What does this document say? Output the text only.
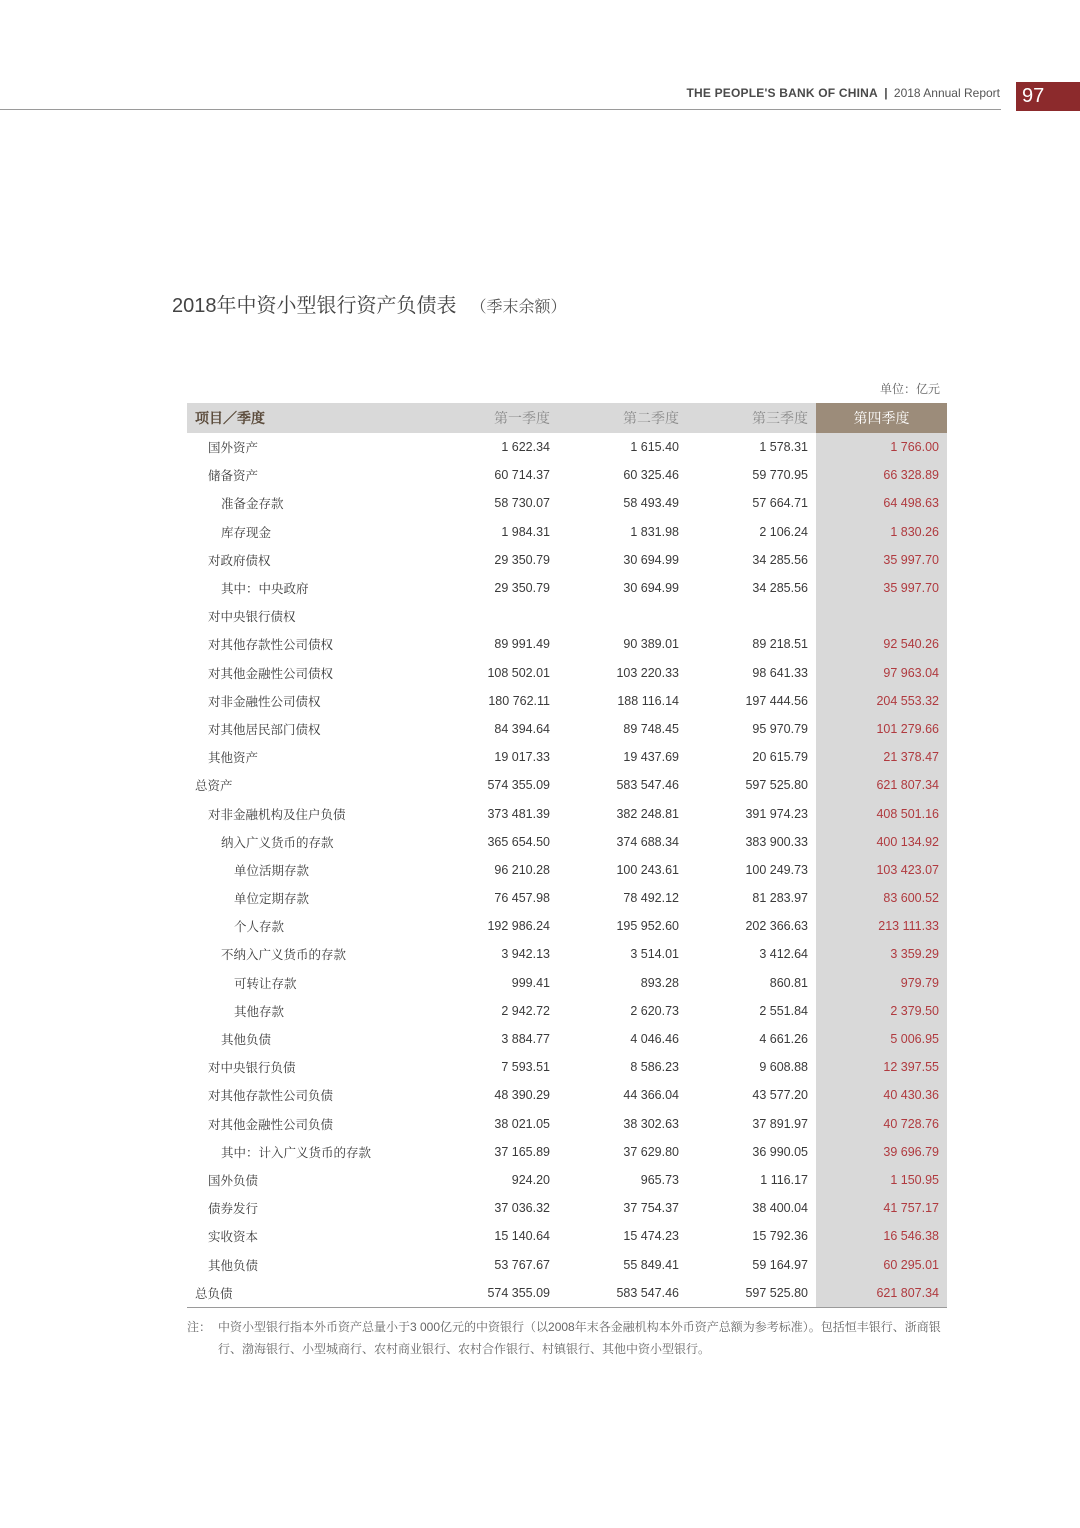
THE PEOPLE'S BANK OF CHINA | 2018 Annual Report	97
2018年中资小型银行资产负债表 （季末余额）
单位：亿元
项目／季度	第一季度	第二季度	第三季度	第四季度
国外资产	1 622.34	1 615.40	1 578.31	1 766.00
储备资产	60 714.37	60 325.46	59 770.95	66 328.89
准备金存款	58 730.07	58 493.49	57 664.71	64 498.63
库存现金	1 984.31	1 831.98	2 106.24	1 830.26
对政府债权	29 350.79	30 694.99	34 285.56	35 997.70
其中：中央政府	29 350.79	30 694.99	34 285.56	35 997.70
对中央银行债权				
对其他存款性公司债权	89 991.49	90 389.01	89 218.51	92 540.26
对其他金融性公司债权	108 502.01	103 220.33	98 641.33	97 963.04
对非金融性公司债权	180 762.11	188 116.14	197 444.56	204 553.32
对其他居民部门债权	84 394.64	89 748.45	95 970.79	101 279.66
其他资产	19 017.33	19 437.69	20 615.79	21 378.47
总资产	574 355.09	583 547.46	597 525.80	621 807.34
对非金融机构及住户负债	373 481.39	382 248.81	391 974.23	408 501.16
纳入广义货币的存款	365 654.50	374 688.34	383 900.33	400 134.92
单位活期存款	96 210.28	100 243.61	100 249.73	103 423.07
单位定期存款	76 457.98	78 492.12	81 283.97	83 600.52
个人存款	192 986.24	195 952.60	202 366.63	213 111.33
不纳入广义货币的存款	3 942.13	3 514.01	3 412.64	3 359.29
可转让存款	999.41	893.28	860.81	979.79
其他存款	2 942.72	2 620.73	2 551.84	2 379.50
其他负债	3 884.77	4 046.46	4 661.26	5 006.95
对中央银行负债	7 593.51	8 586.23	9 608.88	12 397.55
对其他存款性公司负债	48 390.29	44 366.04	43 577.20	40 430.36
对其他金融性公司负债	38 021.05	38 302.63	37 891.97	40 728.76
其中：计入广义货币的存款	37 165.89	37 629.80	36 990.05	39 696.79
国外负债	924.20	965.73	1 116.17	1 150.95
债券发行	37 036.32	37 754.37	38 400.04	41 757.17
实收资本	15 140.64	15 474.23	15 792.36	16 546.38
其他负债	53 767.67	55 849.41	59 164.97	60 295.01
总负债	574 355.09	583 547.46	597 525.80	621 807.34
注： 中资小型银行指本外币资产总量小于3 000亿元的中资银行（以2008年末各金融机构本外币资产总额为参考标准）。包括恒丰银行、浙商银行、渤海银行、小型城商行、农村商业银行、农村合作银行、村镇银行、其他中资小型银行。
